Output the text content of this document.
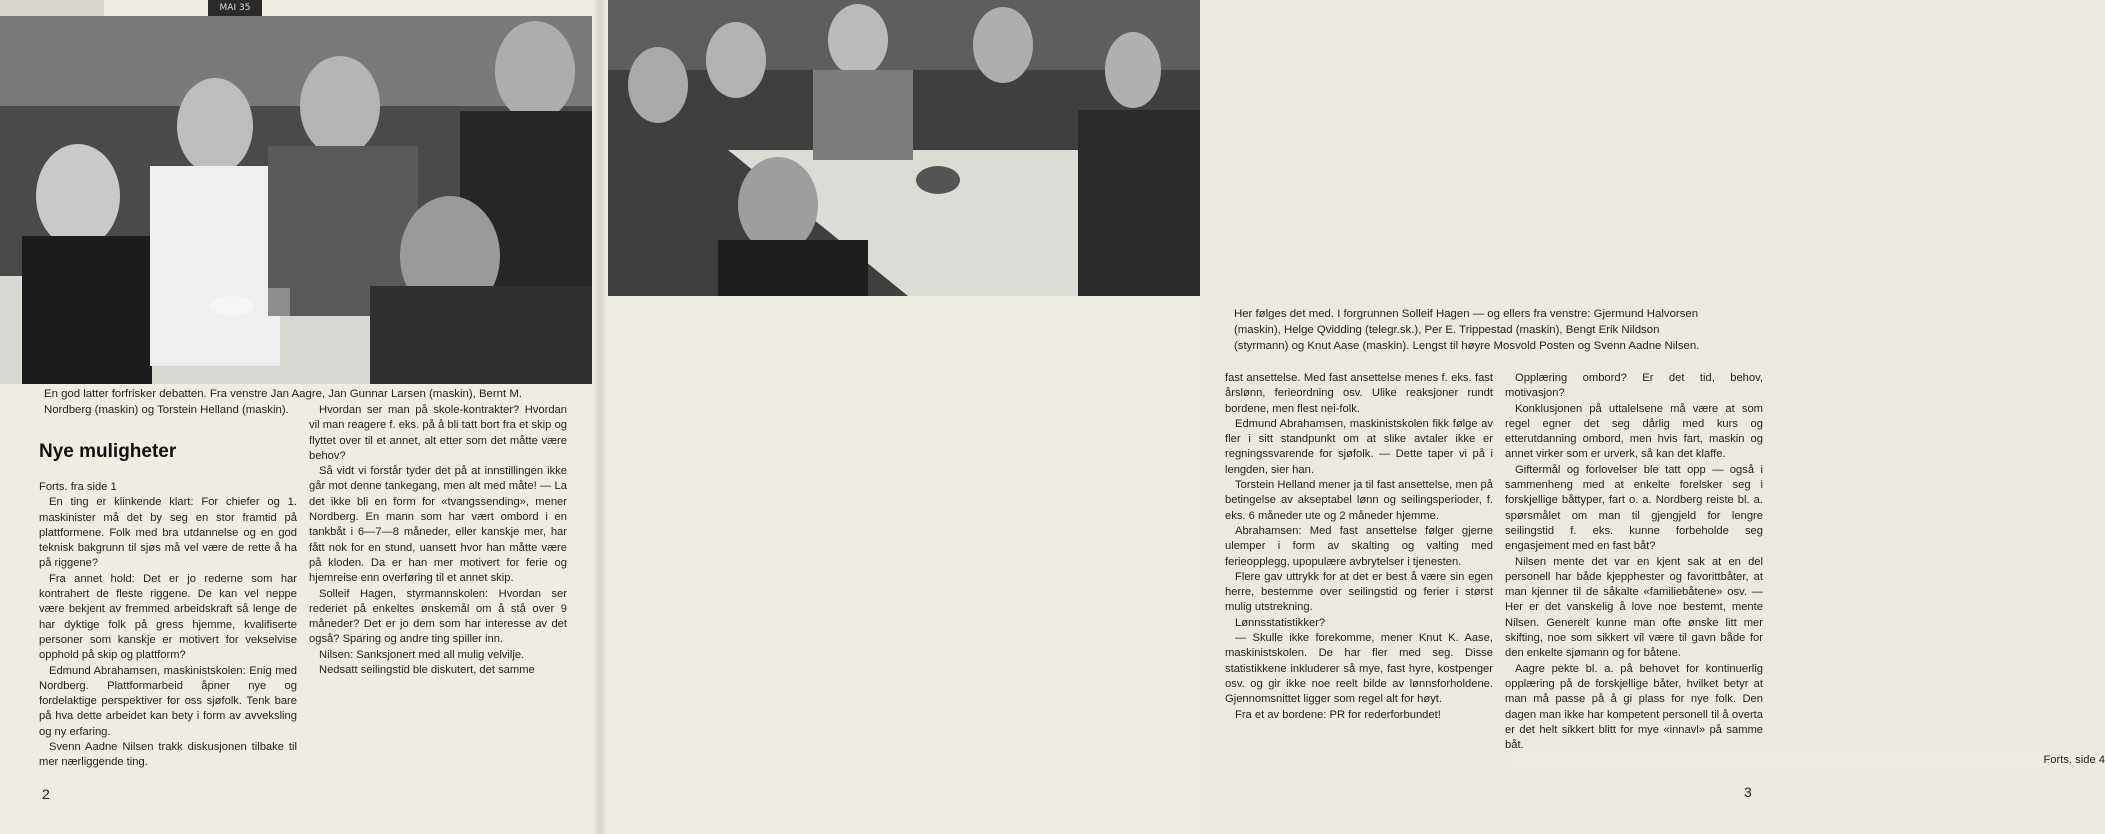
MAI 35
En god latter forfrisker debatten. Fra venstre Jan Aagre, Jan Gunnar Larsen (maskin), Bernt M. Nordberg (maskin) og Torstein Helland (maskin).
Nye muligheter

Forts. fra side 1

En ting er klinkende klart: For chiefer og 1. maskinister må det by seg en stor framtid på plattformene. Folk med bra utdannelse og en god teknisk bakgrunn til sjøs må vel være de rette å ha på riggene?

Fra annet hold: Det er jo rederne som har kontrahert de fleste riggene. De kan vel neppe være bekjent av fremmed arbeidskraft så lenge de har dyktige folk på gress hjemme, kvalifiserte personer som kanskje er motivert for vekselvise opphold på skip og plattform?

Edmund Abrahamsen, maskinistskolen: Enig med Nordberg. Plattformarbeid åpner nye og fordelaktige perspektiver for oss sjøfolk. Tenk bare på hva dette arbeidet kan bety i form av avveksling og ny erfaring.

Svenn Aadne Nilsen trakk diskusjonen tilbake til mer nærliggende ting.

Hvordan ser man på skole-kontrakter? Hvordan vil man reagere f. eks. på å bli tatt bort fra et skip og flyttet over til et annet, alt etter som det måtte være behov?

Så vidt vi forstår tyder det på at innstillingen ikke går mot denne tankegang, men alt med måte! — La det ikke bli en form for «tvangssending», mener Nordberg. En mann som har vært ombord i en tankbåt i 6—7—8 måneder, eller kanskje mer, har fått nok for en stund, uansett hvor han måtte være på kloden. Da er han mer motivert for ferie og hjemreise enn overføring til et annet skip.

Solleif Hagen, styrmannskolen: Hvordan ser rederiet på enkeltes ønskemål om å stå over 9 måneder? Det er jo dem som har interesse av det også? Sparing og andre ting spiller inn.

Nilsen: Sanksjonert med all mulig velvilje.

Nedsatt seilingstid ble diskutert, det samme

2
Her følges det med. I forgrunnen Solleif Hagen — og ellers fra venstre: Gjermund Halvorsen (maskin), Helge Qvidding (telegr.sk.), Per E. Trippestad (maskin), Bengt Erik Nildson (styrmann) og Knut Aase (maskin). Lengst til høyre Mosvold Posten og Svenn Aadne Nilsen.

fast ansettelse. Med fast ansettelse menes f. eks. fast årslønn, ferieordning osv. Ulike reaksjoner rundt bordene, men flest nei-folk.

Edmund Abrahamsen, maskinistskolen fikk følge av fler i sitt standpunkt om at slike avtaler ikke er regningssvarende for sjøfolk. — Dette taper vi på i lengden, sier han.

Torstein Helland mener ja til fast ansettelse, men på betingelse av akseptabel lønn og seilingsperioder, f. eks. 6 måneder ute og 2 måneder hjemme.

Abrahamsen: Med fast ansettelse følger gjerne ulemper i form av skalting og valting med ferieopplegg, upopulære avbrytelser i tjenesten.

Flere gav uttrykk for at det er best å være sin egen herre, bestemme over seilingstid og ferier i størst mulig utstrekning.

Lønnsstatistikker?

— Skulle ikke forekomme, mener Knut K. Aase, maskinistskolen. De har fler med seg. Disse statistikkene inkluderer så mye, fast hyre, kostpenger osv. og gir ikke noe reelt bilde av lønnsforholdene. Gjennomsnittet ligger som regel alt for høyt.

Fra et av bordene: PR for rederforbundet!

Opplæring ombord? Er det tid, behov, motivasjon?

Konklusjonen på uttalelsene må være at som regel egner det seg dårlig med kurs og etterutdanning ombord, men hvis fart, maskin og annet virker som er urverk, så kan det klaffe.

Giftermål og forlovelser ble tatt opp — også i sammenheng med at enkelte forelsker seg i forskjellige båttyper, fart o. a. Nordberg reiste bl. a. spørsmålet om man til gjengjeld for lengre seilingstid f. eks. kunne forbeholde seg engasjement med en fast båt?

Nilsen mente det var en kjent sak at en del personell har både kjepphester og favorittbåter, at man kjenner til de såkalte «familiebåtene» osv. — Her er det vanskelig å love noe bestemt, mente Nilsen. Generelt kunne man ofte ønske litt mer skifting, noe som sikkert vil være til gavn både for den enkelte sjømann og for båtene.

Aagre pekte bl. a. på behovet for kontinuerlig opplæring på de forskjellige båter, hvilket betyr at man må passe på å gi plass for nye folk. Den dagen man ikke har kompetent personell til å overta er det helt sikkert blitt for mye «innavl» på samme båt.

Forts. side 4

3
